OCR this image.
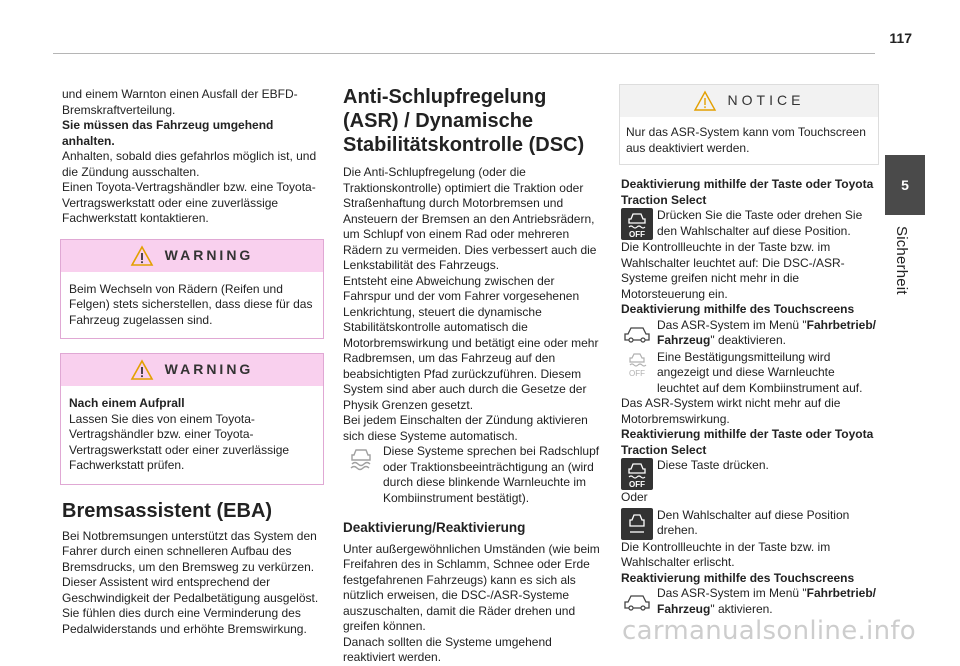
117
5
Sicherheit

und einem Warnton einen Ausfall der EBFD-Bremskraftverteilung.

Sie müssen das Fahrzeug umgehend anhalten.

Anhalten, sobald dies gefahrlos möglich ist, und die Zündung ausschalten.

Einen Toyota-Vertragshändler bzw. eine Toyota-Vertragswerkstatt oder eine zuverlässige Fachwerkstatt kontaktieren.

WARNING
Beim Wechseln von Rädern (Reifen und Felgen) stets sicherstellen, dass diese für das Fahrzeug zugelassen sind.
WARNING

Nach einem Aufprall

Lassen Sie dies von einem Toyota-Vertragshändler bzw. einer Toyota-Vertragswerkstatt oder einer zuverlässige Fachwerkstatt prüfen.

Bremsassistent (EBA)

Bei Notbremsungen unterstützt das System den Fahrer durch einen schnelleren Aufbau des Bremsdrucks, um den Bremsweg zu verkürzen. Dieser Assistent wird entsprechend der Geschwindigkeit der Pedalbetätigung ausgelöst. Sie fühlen dies durch eine Verminderung des Pedalwiderstands und erhöhte Bremswirkung.

Anti-Schlupfregelung (ASR) / Dynamische Stabilitätskontrolle (DSC)

Die Anti-Schlupfregelung (oder die Traktionskontrolle) optimiert die Traktion oder Straßenhaftung durch Motorbremsen und Ansteuern der Bremsen an den Antriebsrädern, um Schlupf von einem Rad oder mehreren Rädern zu vermeiden. Dies verbessert auch die Lenkstabilität des Fahrzeugs.

Entsteht eine Abweichung zwischen der Fahrspur und der vom Fahrer vorgesehenen Lenkrichtung, steuert die dynamische Stabilitätskontrolle automatisch die Motorbremswirkung und betätigt eine oder mehr Radbremsen, um das Fahrzeug auf den beabsichtigten Pfad zurückzuführen. Diesem System sind aber auch durch die Gesetze der Physik Grenzen gesetzt.

Bei jedem Einschalten der Zündung aktivieren sich diese Systeme automatisch.

Diese Systeme sprechen bei Radschlupf oder Traktionsbeeinträchtigung an (wird durch diese blinkende Warnleuchte im Kombiinstrument bestätigt).

Deaktivierung/Reaktivierung

Unter außergewöhnlichen Umständen (wie beim Freifahren des in Schlamm, Schnee oder Erde festgefahrenen Fahrzeugs) kann es sich als nützlich erweisen, die DSC-/ASR-Systeme auszuschalten, damit die Räder drehen und greifen können.

Danach sollten die Systeme umgehend reaktiviert werden.

NOTICE
Nur das ASR-System kann vom Touchscreen aus deaktiviert werden.

Deaktivierung mithilfe der Taste oder Toyota Traction Select

OFF

Drücken Sie die Taste oder drehen Sie den Wahlschalter auf diese Position.

Die Kontrollleuchte in der Taste bzw. im Wahlschalter leuchtet auf: Die DSC-/ASR-Systeme greifen nicht mehr in die Motorsteuerung ein.

Deaktivierung mithilfe des Touchscreens

Das ASR-System im Menü "Fahrbetrieb/ Fahrzeug" deaktivieren.

OFF

Eine Bestätigungsmitteilung wird angezeigt und diese Warnleuchte leuchtet auf dem Kombiinstrument auf.

Das ASR-System wirkt nicht mehr auf die Motorbremswirkung.

Reaktivierung mithilfe der Taste oder Toyota Traction Select

OFF

Diese Taste drücken.

Oder

Den Wahlschalter auf diese Position drehen.

Die Kontrollleuchte in der Taste bzw. im Wahlschalter erlischt.

Reaktivierung mithilfe des Touchscreens

Das ASR-System im Menü "Fahrbetrieb/ Fahrzeug" aktivieren.

carmanualsonline.info
